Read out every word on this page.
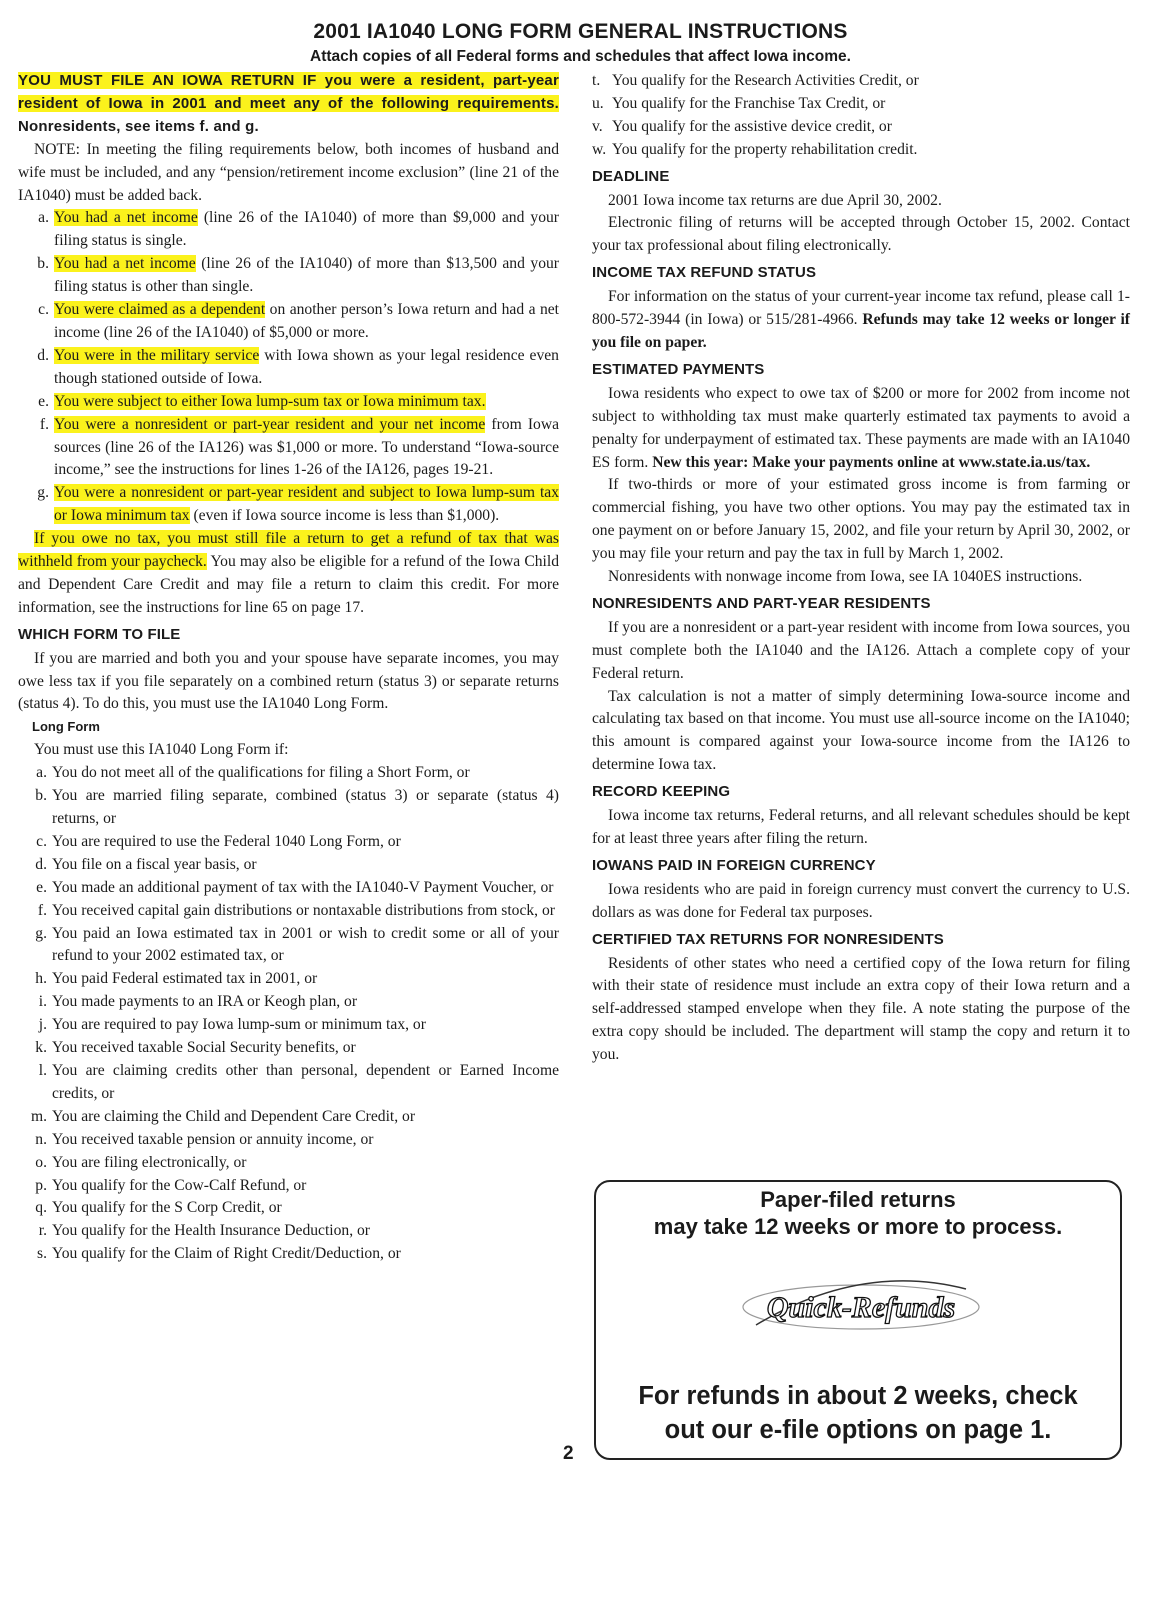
2001 IA1040 LONG FORM GENERAL INSTRUCTIONS
Attach copies of all Federal forms and schedules that affect Iowa income.

YOU MUST FILE AN IOWA RETURN IF you were a resident, part-year resident of Iowa in 2001 and meet any of the following requirements. Nonresidents, see items f. and g.

NOTE: In meeting the filing requirements below, both incomes of husband and wife must be included, and any “pension/retirement income exclusion” (line 21 of the IA1040) must be added back.

a. You had a net income (line 26 of the IA1040) of more than $9,000 and your filing status is single.
b. You had a net income (line 26 of the IA1040) of more than $13,500 and your filing status is other than single.
c. You were claimed as a dependent on another person’s Iowa return and had a net income (line 26 of the IA1040) of $5,000 or more.
d. You were in the military service with Iowa shown as your legal residence even though stationed outside of Iowa.
e. You were subject to either Iowa lump-sum tax or Iowa minimum tax.
f. You were a nonresident or part-year resident and your net income from Iowa sources (line 26 of the IA126) was $1,000 or more. To understand “Iowa-source income,” see the instructions for lines 1-26 of the IA126, pages 19-21.
g. You were a nonresident or part-year resident and subject to Iowa lump-sum tax or Iowa minimum tax (even if Iowa source income is less than $1,000).

If you owe no tax, you must still file a return to get a refund of tax that was withheld from your paycheck. You may also be eligible for a refund of the Iowa Child and Dependent Care Credit and may file a return to claim this credit. For more information, see the instructions for line 65 on page 17.

WHICH FORM TO FILE

If you are married and both you and your spouse have separate incomes, you may owe less tax if you file separately on a combined return (status 3) or separate returns (status 4). To do this, you must use the IA1040 Long Form.

Long Form

You must use this IA1040 Long Form if:

a. You do not meet all of the qualifications for filing a Short Form, or
b. You are married filing separate, combined (status 3) or separate (status 4) returns, or
c. You are required to use the Federal 1040 Long Form, or
d. You file on a fiscal year basis, or
e. You made an additional payment of tax with the IA1040-V Payment Voucher, or
f. You received capital gain distributions or nontaxable distributions from stock, or
g. You paid an Iowa estimated tax in 2001 or wish to credit some or all of your refund to your 2002 estimated tax, or
h. You paid Federal estimated tax in 2001, or
i. You made payments to an IRA or Keogh plan, or
j. You are required to pay Iowa lump-sum or minimum tax, or
k. You received taxable Social Security benefits, or
l. You are claiming credits other than personal, dependent or Earned Income credits, or
m. You are claiming the Child and Dependent Care Credit, or
n. You received taxable pension or annuity income, or
o. You are filing electronically, or
p. You qualify for the Cow-Calf Refund, or
q. You qualify for the S Corp Credit, or
r. You qualify for the Health Insurance Deduction, or
s. You qualify for the Claim of Right Credit/Deduction, or
t. You qualify for the Research Activities Credit, or
u. You qualify for the Franchise Tax Credit, or
v. You qualify for the assistive device credit, or
w. You qualify for the property rehabilitation credit.
DEADLINE

2001 Iowa income tax returns are due April 30, 2002.

Electronic filing of returns will be accepted through October 15, 2002. Contact your tax professional about filing electronically.

INCOME TAX REFUND STATUS

For information on the status of your current-year income tax refund, please call 1-800-572-3944 (in Iowa) or 515/281-4966. Refunds may take 12 weeks or longer if you file on paper.

ESTIMATED PAYMENTS

Iowa residents who expect to owe tax of $200 or more for 2002 from income not subject to withholding tax must make quarterly estimated tax payments to avoid a penalty for underpayment of estimated tax. These payments are made with an IA1040 ES form. New this year: Make your payments online at www.state.ia.us/tax.

If two-thirds or more of your estimated gross income is from farming or commercial fishing, you have two other options. You may pay the estimated tax in one payment on or before January 15, 2002, and file your return by April 30, 2002, or you may file your return and pay the tax in full by March 1, 2002.

Nonresidents with nonwage income from Iowa, see IA 1040ES instructions.

NONRESIDENTS AND PART-YEAR RESIDENTS

If you are a nonresident or a part-year resident with income from Iowa sources, you must complete both the IA1040 and the IA126. Attach a complete copy of your Federal return.

Tax calculation is not a matter of simply determining Iowa-source income and calculating tax based on that income. You must use all-source income on the IA1040; this amount is compared against your Iowa-source income from the IA126 to determine Iowa tax.

RECORD KEEPING

Iowa income tax returns, Federal returns, and all relevant schedules should be kept for at least three years after filing the return.

IOWANS PAID IN FOREIGN CURRENCY

Iowa residents who are paid in foreign currency must convert the currency to U.S. dollars as was done for Federal tax purposes.

CERTIFIED TAX RETURNS FOR NONRESIDENTS

Residents of other states who need a certified copy of the Iowa return for filing with their state of residence must include an extra copy of their Iowa return and a self-addressed stamped envelope when they file. A note stating the purpose of the extra copy should be included. The department will stamp the copy and return it to you.

Paper-filed returns
may take 12 weeks or more to process.
Quick-Refunds
For refunds in about 2 weeks, check
out our e-file options on page 1.
2
